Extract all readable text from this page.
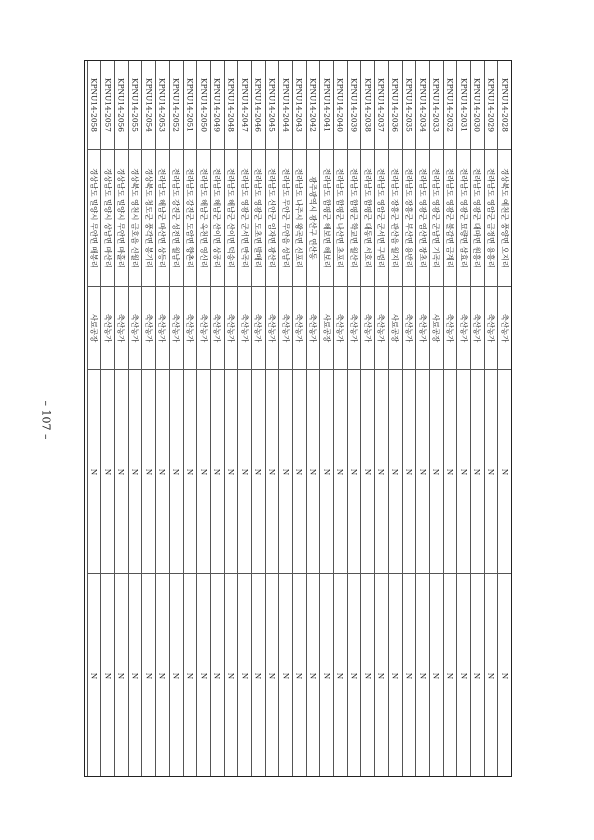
KPNU14-2028
경상북도 예천군 풍양면 오지리
축산농가
N
N
KPNU14-2029
전라남도 영암군 금정면 용흥리
축산농가
N
N
KPNU14-2030
전라남도 영광군 대마면 원흥리
축산농가
N
N
KPNU14-2031
전라남도 영광군 묘량면 삼효리
축산농가
N
N
KPNU14-2032
전라남도 영광군 불갑면 금계리
축산농가
N
N
KPNU14-2033
전라남도 영광군 군남면 기곡리
사료공장
N
N
KPNU14-2034
전라남도 영광군 염산면 장초리
축산농가
N
N
KPNU14-2035
전라남도 장흥군 부산면 용반리
축산농가
N
N
KPNU14-2036
전라남도 장흥군 관산읍 월지리
사료공장
N
N
KPNU14-2037
전라남도 영암군 군서면 구림리
축산농가
N
N
KPNU14-2038
전라남도 함평군 대동면 서호리
축산농가
N
N
KPNU14-2039
전라남도 함평군 학교면 월산리
축산농가
N
N
KPNU14-2040
전라남도 함평군 나산면 초포리
축산농가
N
N
KPNU14-2041
전라남도 함평군 해보면 해보리
사료공장
N
N
KPNU14-2042
광주광역시 광산구 연산동
축산농가
N
N
KPNU14-2043
전라남도 나주시 왕곡면 신포리
축산농가
N
N
KPNU14-2044
전라남도 무안군 무안읍 성남리
축산농가
N
N
KPNU14-2045
전라남도 신안군 임자면 광산리
축산농가
N
N
KPNU14-2046
전라남도 영광군 도초면 발매리
축산농가
N
N
KPNU14-2047
전라남도 영광군 군서면 만곡리
축산농가
N
N
KPNU14-2048
전라남도 해남군 산이면 덕송리
축산농가
N
N
KPNU14-2049
전라남도 해남군 산이면 상공리
축산농가
N
N
KPNU14-2050
전라남도 해남군 옥천면 영신리
축산농가
N
N
KPNU14-2051
전라남도 강진군 도암면 향촌리
축산농가
N
N
KPNU14-2052
전라남도 강진군 성전면 월남리
축산농가
N
N
KPNU14-2053
전라남도 해남군 마산면 상등리
축산농가
N
N
KPNU14-2054
경상북도 청도군 풍각면 봉기리
축산농가
N
N
KPNU14-2055
경상북도 영천시 금호읍 신월리
축산농가
N
N
KPNU14-2056
경상남도 밀양시 무안면 마흘리
축산농가
N
N
KPNU14-2057
경상남도 밀양시 상남면 마산리
축산농가
N
N
KPNU14-2058
경상남도 밀양시 무안면 매봉리
사료공장
N
N
– 107 –
